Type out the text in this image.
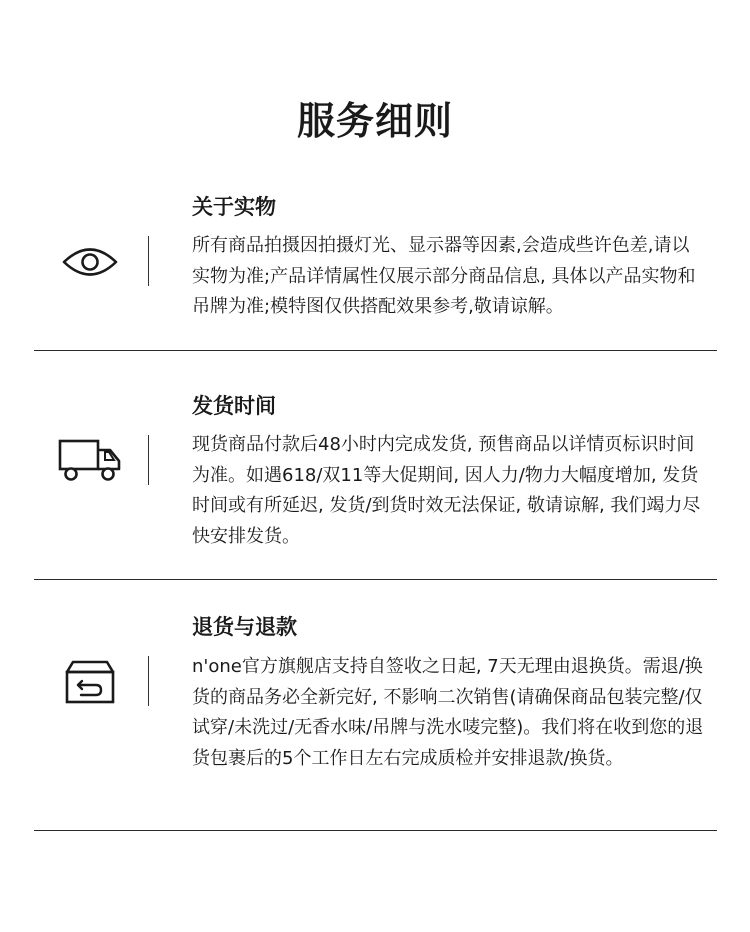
服务细则
关于实物
所有商品拍摄因拍摄灯光、显示器等因素,会造成些许色差,请以实物为准;产品详情属性仅展示部分商品信息, 具体以产品实物和吊牌为准;模特图仅供搭配效果参考,敬请谅解。
发货时间
现货商品付款后48小时内完成发货, 预售商品以详情页标识时间为准。如遇618/双11等大促期间, 因人力/物力大幅度增加, 发货时间或有所延迟, 发货/到货时效无法保证, 敬请谅解, 我们竭力尽快安排发货。
退货与退款
n'one官方旗舰店支持自签收之日起, 7天无理由退换货。需退/换货的商品务必全新完好, 不影响二次销售(请确保商品包装完整/仅试穿/未洗过/无香水味/吊牌与洗水唛完整)。我们将在收到您的退货包裹后的5个工作日左右完成质检并安排退款/换货。
